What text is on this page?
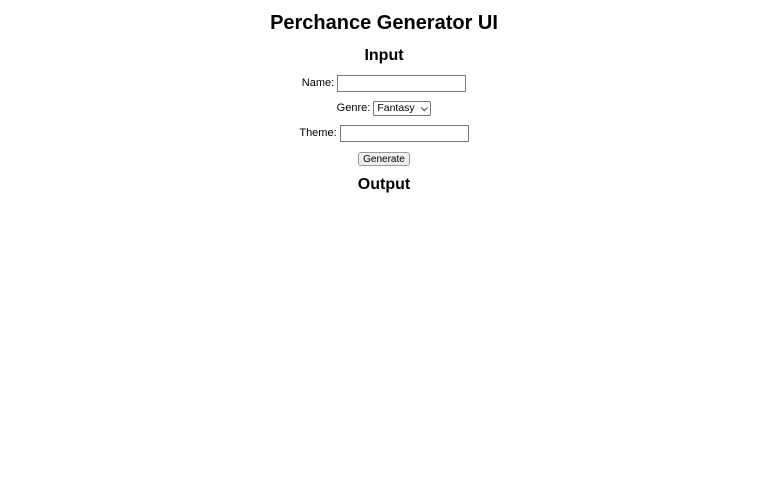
Perchance Generator UI
Input
Name:
Genre: Fantasy
Theme:
Generate
Output
